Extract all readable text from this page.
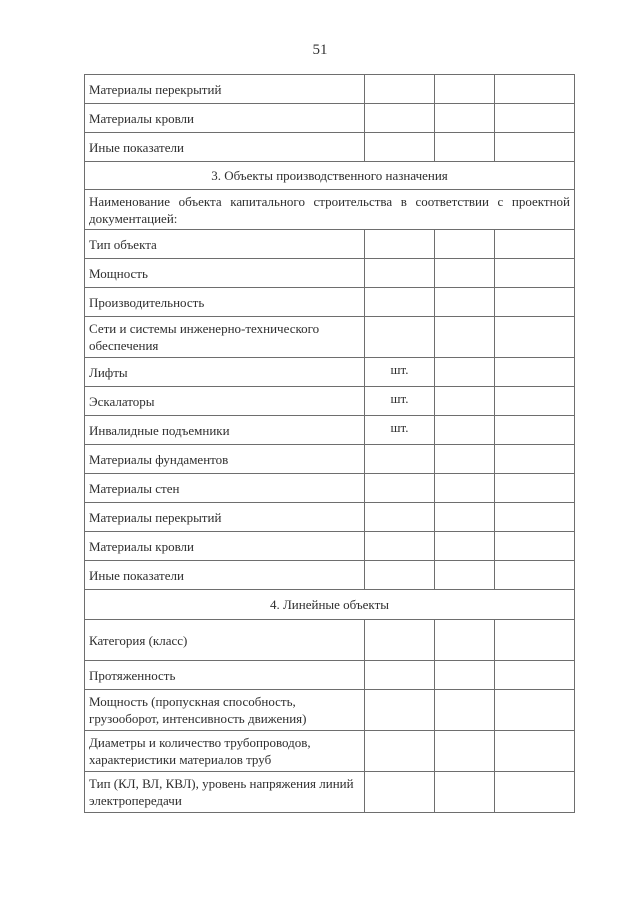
51
Материалы перекрытий			
Материалы кровли			
Иные показатели			
3. Объекты производственного назначения			
Наименование объекта капитального строительства в соответствии с проектной документацией:			
Тип объекта			
Мощность			
Производительность			
Сети и системы инженерно-технического обеспечения			
Лифты	шт.		
Эскалаторы	шт.		
Инвалидные подъемники	шт.		
Материалы фундаментов			
Материалы стен			
Материалы перекрытий			
Материалы кровли			
Иные показатели			
4. Линейные объекты			
Категория (класс)			
Протяженность			
Мощность (пропускная способность, грузооборот, интенсивность движения)			
Диаметры и количество трубопроводов, характеристики материалов труб			
Тип (КЛ, ВЛ, КВЛ), уровень напряжения линий электропередачи			
